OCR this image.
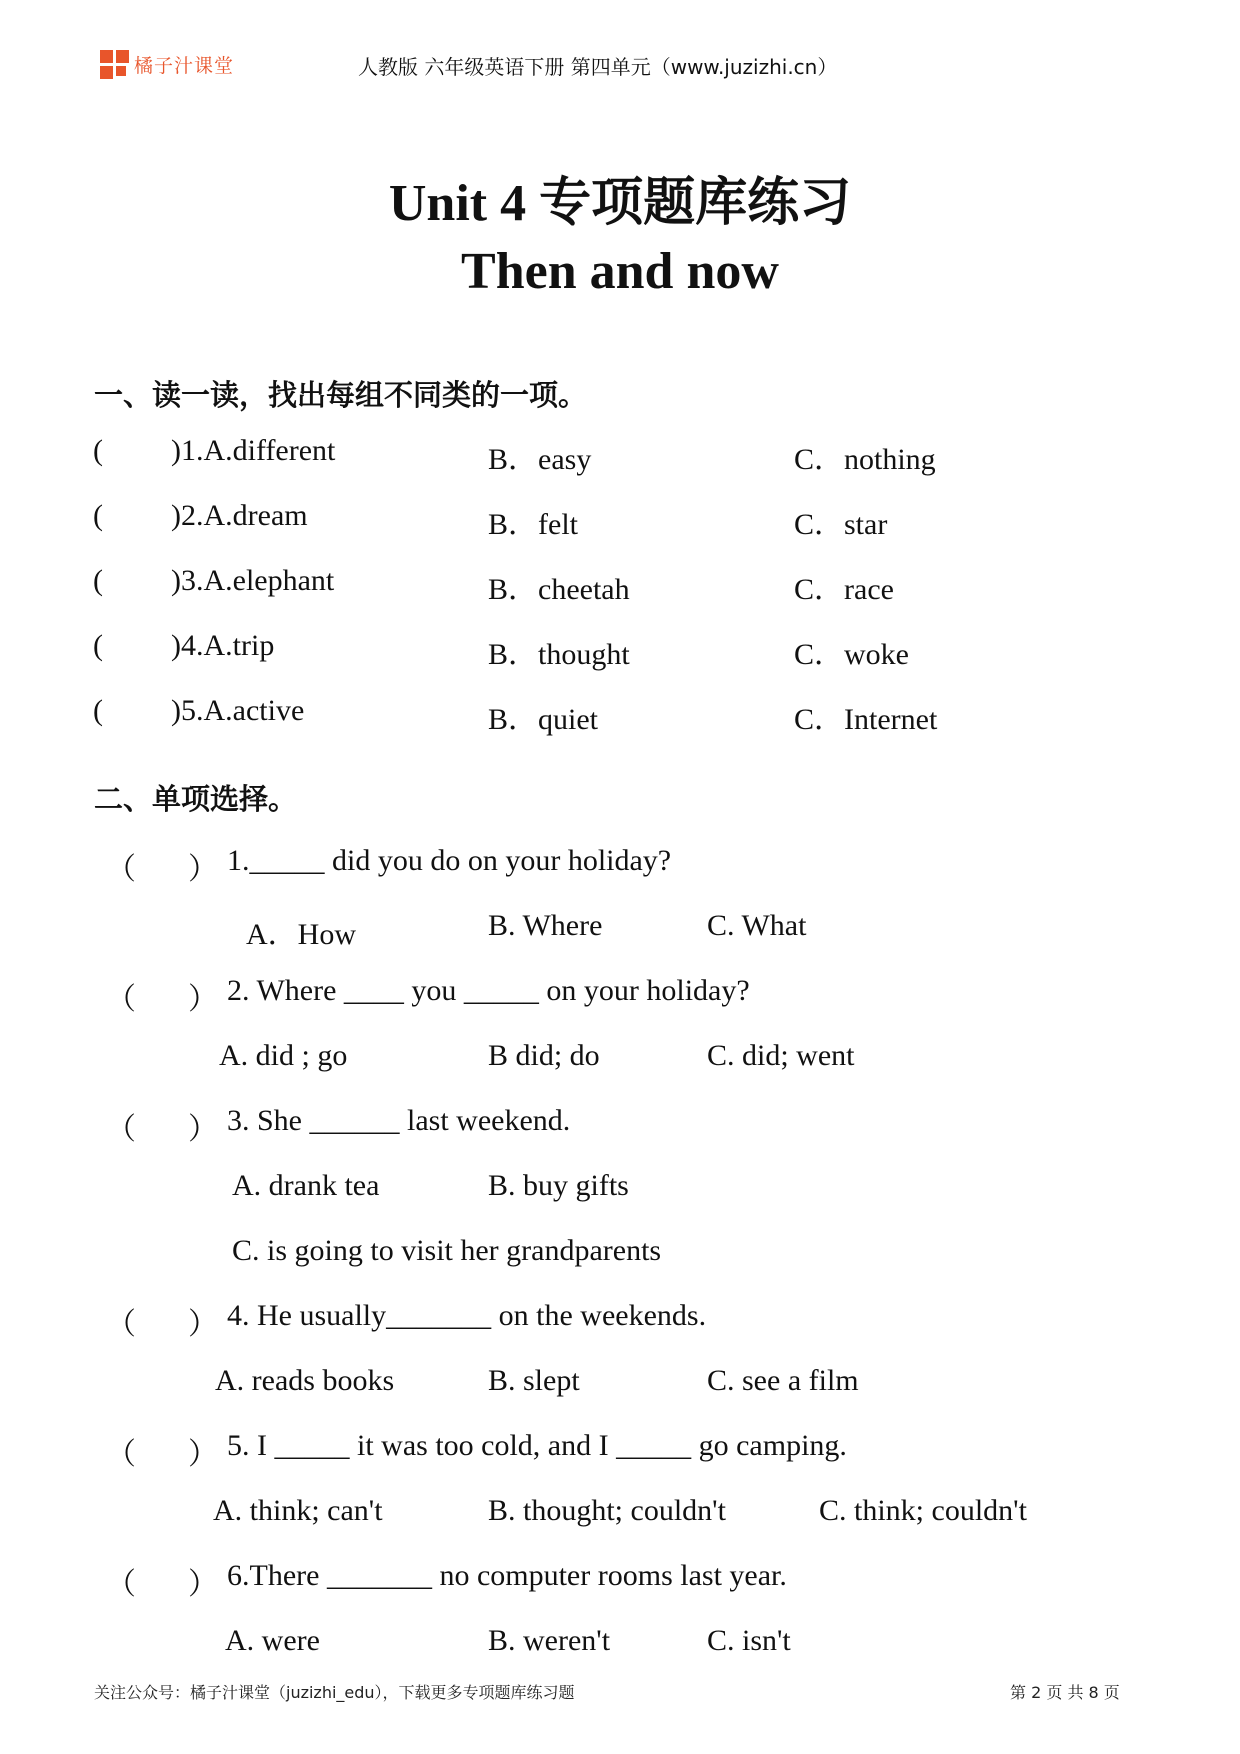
橘子汁课堂	人教版 六年级英语下册 第四单元（www.juzizhi.cn）
Unit 4 专项题库练习
Then and now
一、读一读，找出每组不同类的一项。
( )1.A.different	B．easy	C．nothing
( )2.A.dream	B．felt	C．star
( )3.A.elephant	B．cheetah	C．race
( )4.A.trip	B．thought	C．woke
( )5.A.active	B．quiet	C．Internet
二、单项选择。
（ ） 1._____ did you do on your holiday?
A．How	B. Where	C. What
（ ） 2. Where ____ you _____ on your holiday?
A. did ; go	B did; do	C. did; went
（ ） 3. She ______ last weekend.
A. drank tea	B. buy gifts
C. is going to visit her grandparents
（ ） 4. He usually_______ on the weekends.
A. reads books	B. slept	C. see a film
（ ） 5. I _____ it was too cold, and I _____ go camping.
A. think; can't	B. thought; couldn't	C. think; couldn't
（ ） 6.There _______ no computer rooms last year.
A. were	B. weren't	C. isn't
关注公众号：橘子汁课堂（juzizhi_edu），下载更多专项题库练习题	第 2 页 共 8 页
